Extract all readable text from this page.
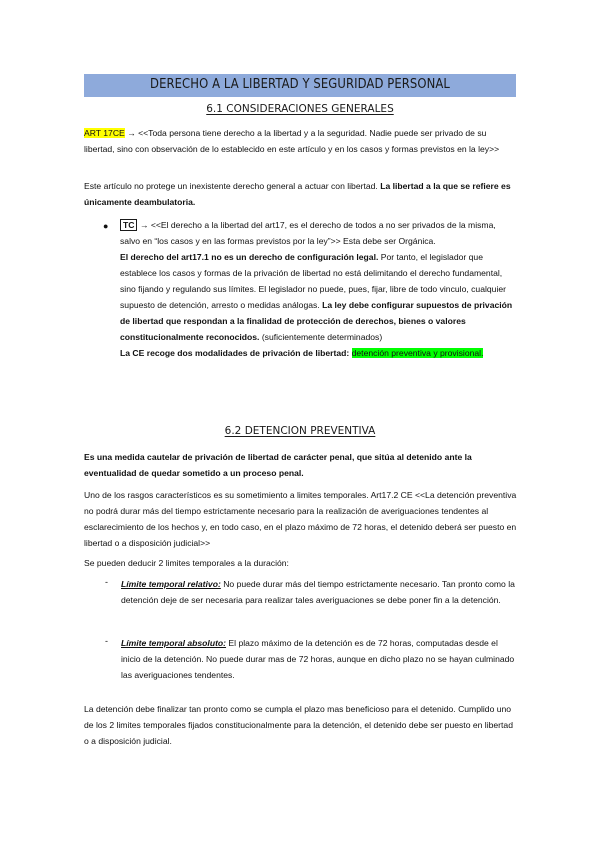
DERECHO A LA LIBERTAD Y SEGURIDAD PERSONAL
6.1 CONSIDERACIONES GENERALES
ART 17CE → <<Toda persona tiene derecho a la libertad y a la seguridad. Nadie puede ser privado de su libertad, sino con observación de lo establecido en este artículo y en los casos y formas previstos en la ley>>
Este artículo no protege un inexistente derecho general a actuar con libertad. La libertad a la que se refiere es únicamente deambulatoria.
●	TC → <<El derecho a la libertad del art17, es el derecho de todos a no ser privados de la misma, salvo en “los casos y en las formas previstos por la ley”>> Esta debe ser Orgánica.
El derecho del art17.1 no es un derecho de configuración legal. Por tanto, el legislador que establece los casos y formas de la privación de libertad no está delimitando el derecho fundamental, sino fijando y regulando sus límites. El legislador no puede, pues, fijar, libre de todo vinculo, cualquier supuesto de detención, arresto o medidas análogas. La ley debe configurar supuestos de privación de libertad que respondan a la finalidad de protección de derechos, bienes o valores constitucionalmente reconocidos. (suficientemente determinados)
La CE recoge dos modalidades de privación de libertad: detención preventiva y provisional.
6.2 DETENCION PREVENTIVA
Es una medida cautelar de privación de libertad de carácter penal, que sitúa al detenido ante la eventualidad de quedar sometido a un proceso penal.
Uno de los rasgos característicos es su sometimiento a limites temporales. Art17.2 CE <<La detención preventiva no podrá durar más del tiempo estrictamente necesario para la realización de averiguaciones tendentes al esclarecimiento de los hechos y, en todo caso, en el plazo máximo de 72 horas, el detenido deberá ser puesto en libertad o a disposición judicial>>
Se pueden deducir 2 limites temporales a la duración:
- Límite temporal relativo: No puede durar más del tiempo estrictamente necesario. Tan pronto como la detención deje de ser necesaria para realizar tales averiguaciones se debe poner fin a la detención.
- Límite temporal absoluto: El plazo máximo de la detención es de 72 horas, computadas desde el inicio de la detención. No puede durar mas de 72 horas, aunque en dicho plazo no se hayan culminado las averiguaciones tendentes.
La detención debe finalizar tan pronto como se cumpla el plazo mas beneficioso para el detenido. Cumplido uno de los 2 limites temporales fijados constitucionalmente para la detención, el detenido debe ser puesto en libertad o a disposición judicial.
